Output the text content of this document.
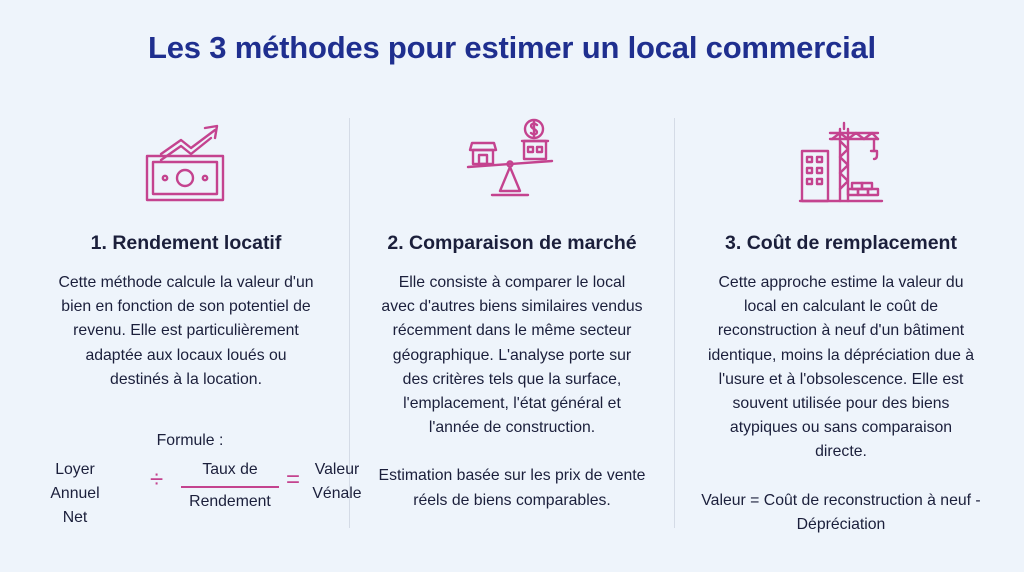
Les 3 méthodes pour estimer un local commercial
1. Rendement locatif
Cette méthode calcule la valeur d'un bien en fonction de son potentiel de revenu. Elle est particulièrement adaptée aux locaux loués ou destinés à la location.
Formule :
Loyer Annuel Net
÷	Taux de
Rendement
= Valeur Vénale
2. Comparaison de marché
Elle consiste à comparer le local avec d'autres biens similaires vendus récemment dans le même secteur géographique. L'analyse porte sur des critères tels que la surface, l'emplacement, l'état général et l'année de construction.
Estimation basée sur les prix de vente réels de biens comparables.
3. Coût de remplacement
Cette approche estime la valeur du local en calculant le coût de reconstruction à neuf d'un bâtiment identique, moins la dépréciation due à l'usure et à l'obsolescence. Elle est souvent utilisée pour des biens atypiques ou sans comparaison directe.
Valeur = Coût de reconstruction à neuf - Dépréciation
